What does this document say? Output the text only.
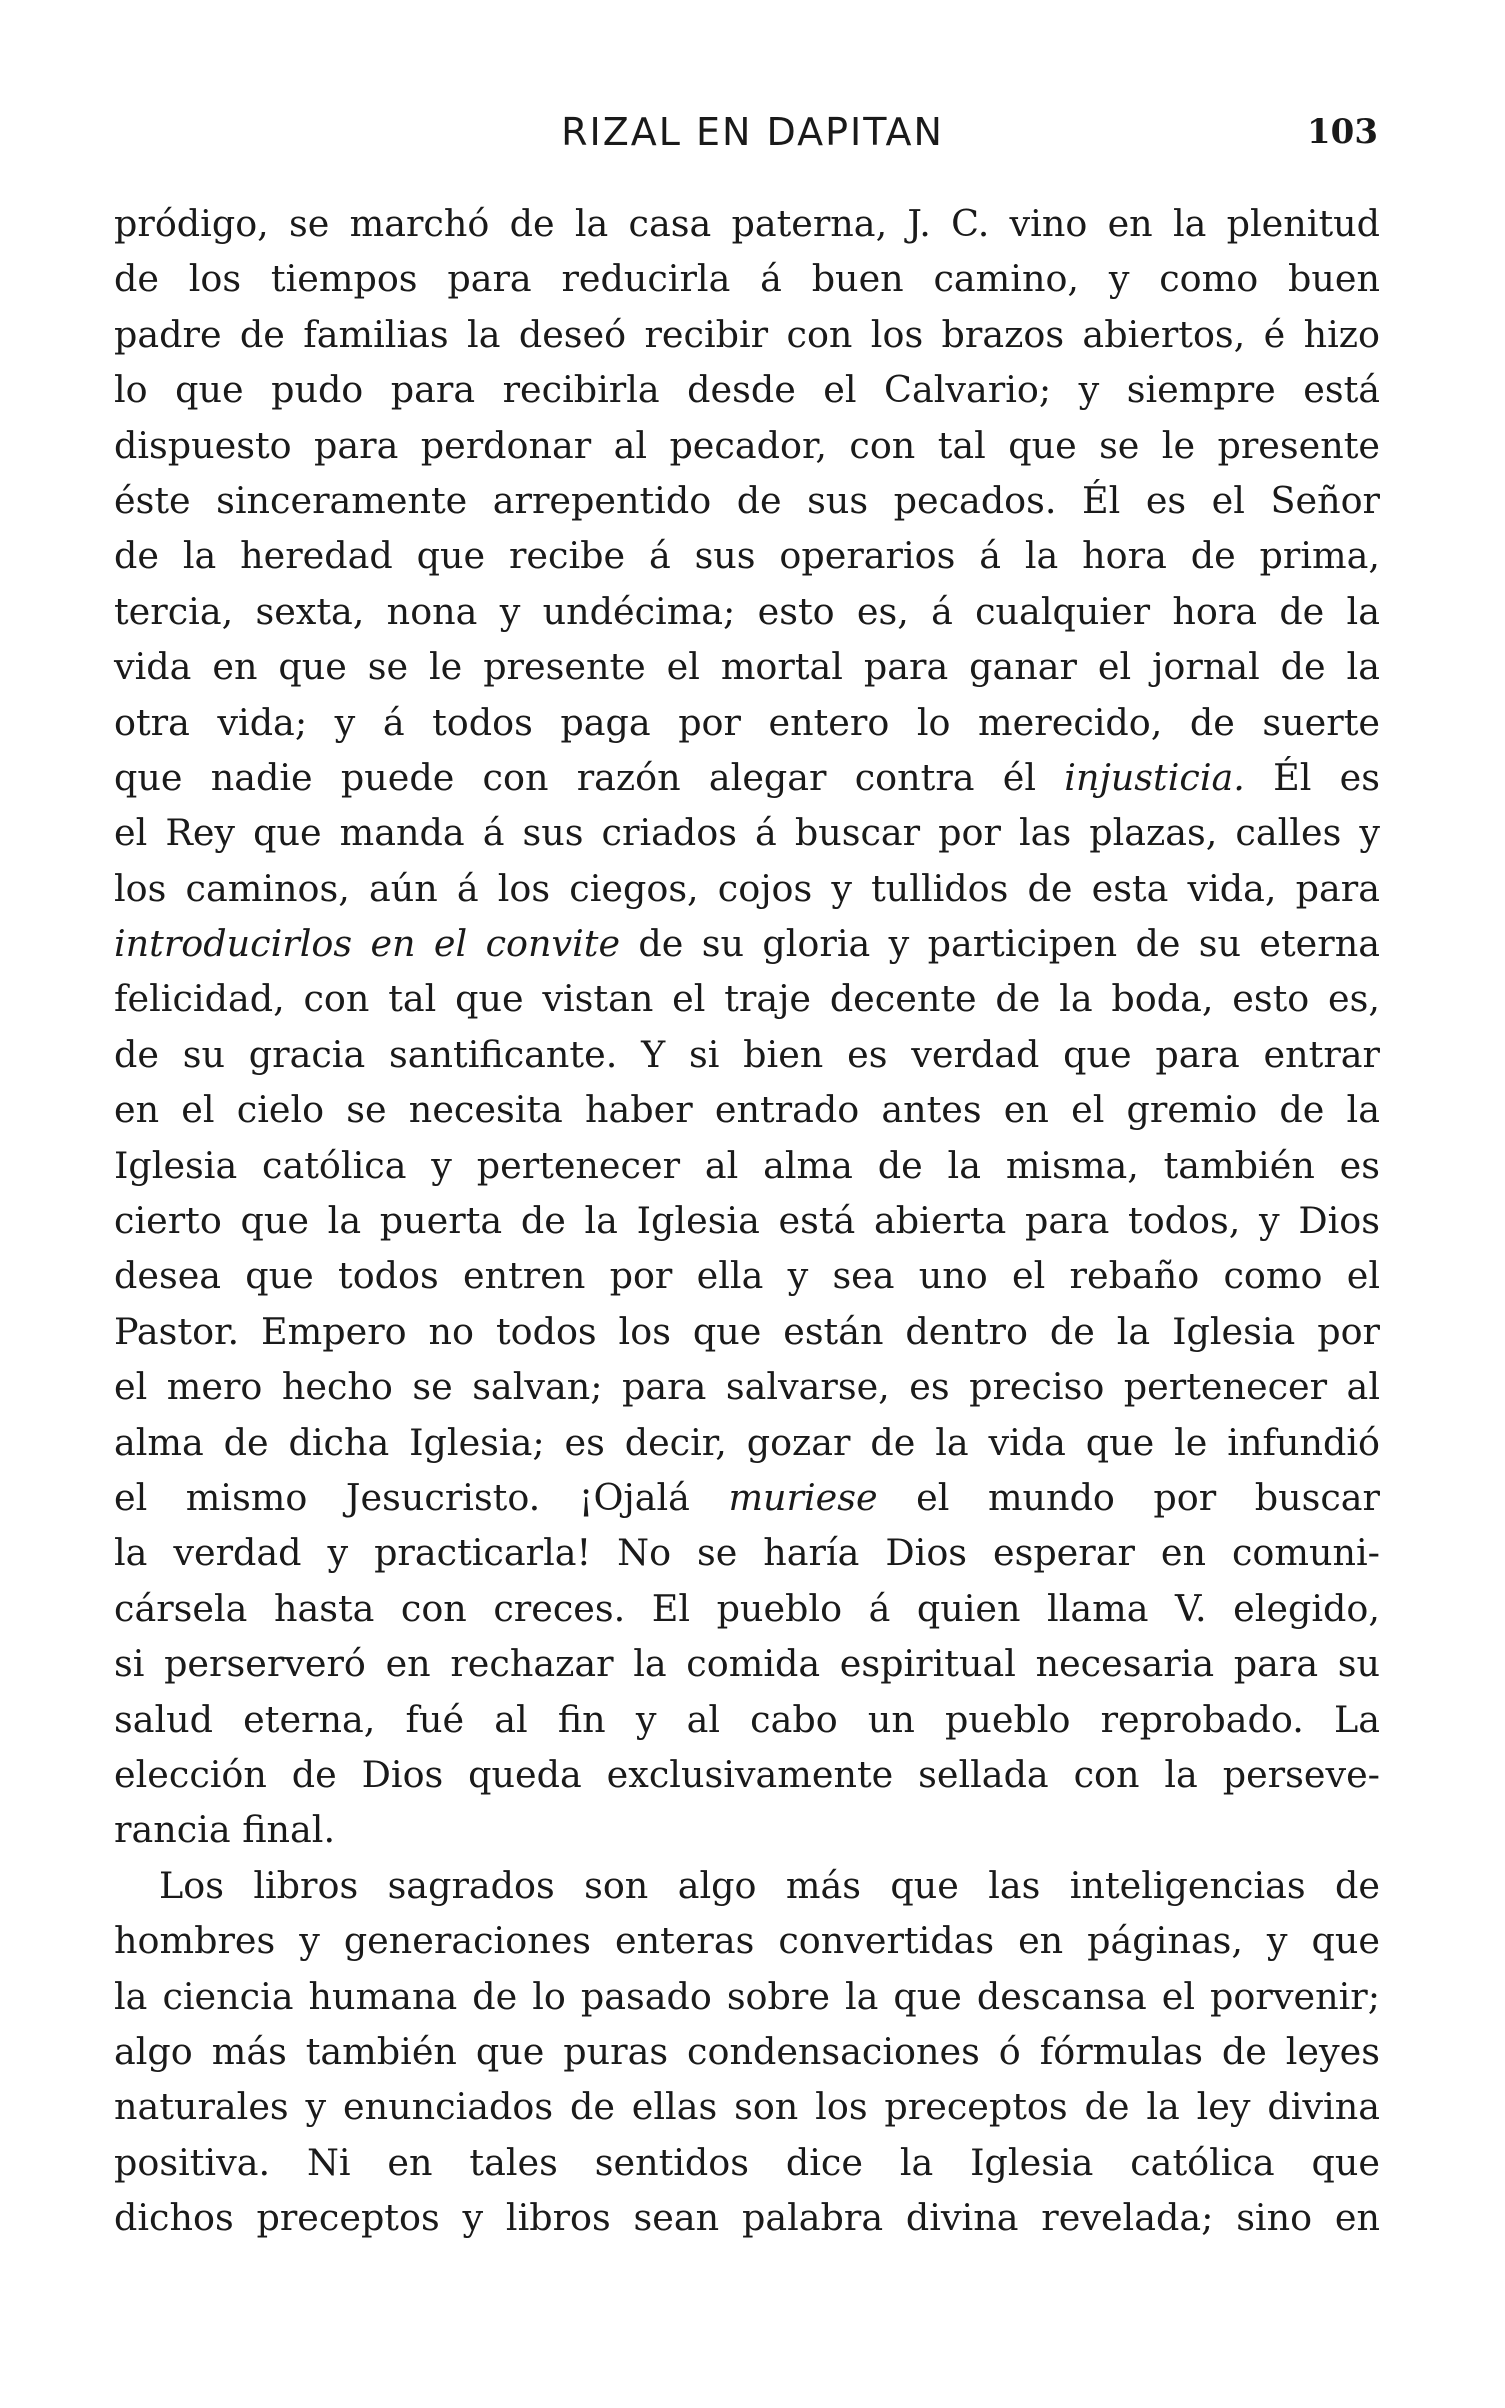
RIZAL EN DAPITAN	103
pródigo, se marchó de la casa paterna, J. C. vino en la plenitud
de los tiempos para reducirla á buen camino, y como buen
padre de familias la deseó recibir con los brazos abiertos, é hizo
lo que pudo para recibirla desde el Calvario; y siempre está
dispuesto para perdonar al pecador, con tal que se le presente
éste sinceramente arrepentido de sus pecados. Él es el Señor
de la heredad que recibe á sus operarios á la hora de prima,
tercia, sexta, nona y undécima; esto es, á cualquier hora de la
vida en que se le presente el mortal para ganar el jornal de la
otra vida; y á todos paga por entero lo merecido, de suerte
que nadie puede con razón alegar contra él injusticia. Él es
el Rey que manda á sus criados á buscar por las plazas, calles y
los caminos, aún á los ciegos, cojos y tullidos de esta vida, para
introducirlos en el convite de su gloria y participen de su eterna
felicidad, con tal que vistan el traje decente de la boda, esto es,
de su gracia santificante. Y si bien es verdad que para entrar
en el cielo se necesita haber entrado antes en el gremio de la
Iglesia católica y pertenecer al alma de la misma, también es
cierto que la puerta de la Iglesia está abierta para todos, y Dios
desea que todos entren por ella y sea uno el rebaño como el
Pastor. Empero no todos los que están dentro de la Iglesia por
el mero hecho se salvan; para salvarse, es preciso pertenecer al
alma de dicha Iglesia; es decir, gozar de la vida que le infundió
el mismo Jesucristo. ¡Ojalá muriese el mundo por buscar
la verdad y practicarla! No se haría Dios esperar en comuni-
cársela hasta con creces. El pueblo á quien llama V. elegido,
si perserveró en rechazar la comida espiritual necesaria para su
salud eterna, fué al fin y al cabo un pueblo reprobado. La
elección de Dios queda exclusivamente sellada con la perseve-
rancia final.
Los libros sagrados son algo más que las inteligencias de
hombres y generaciones enteras convertidas en páginas, y que
la ciencia humana de lo pasado sobre la que descansa el porvenir;
algo más también que puras condensaciones ó fórmulas de leyes
naturales y enunciados de ellas son los preceptos de la ley divina
positiva. Ni en tales sentidos dice la Iglesia católica que
dichos preceptos y libros sean palabra divina revelada; sino en
